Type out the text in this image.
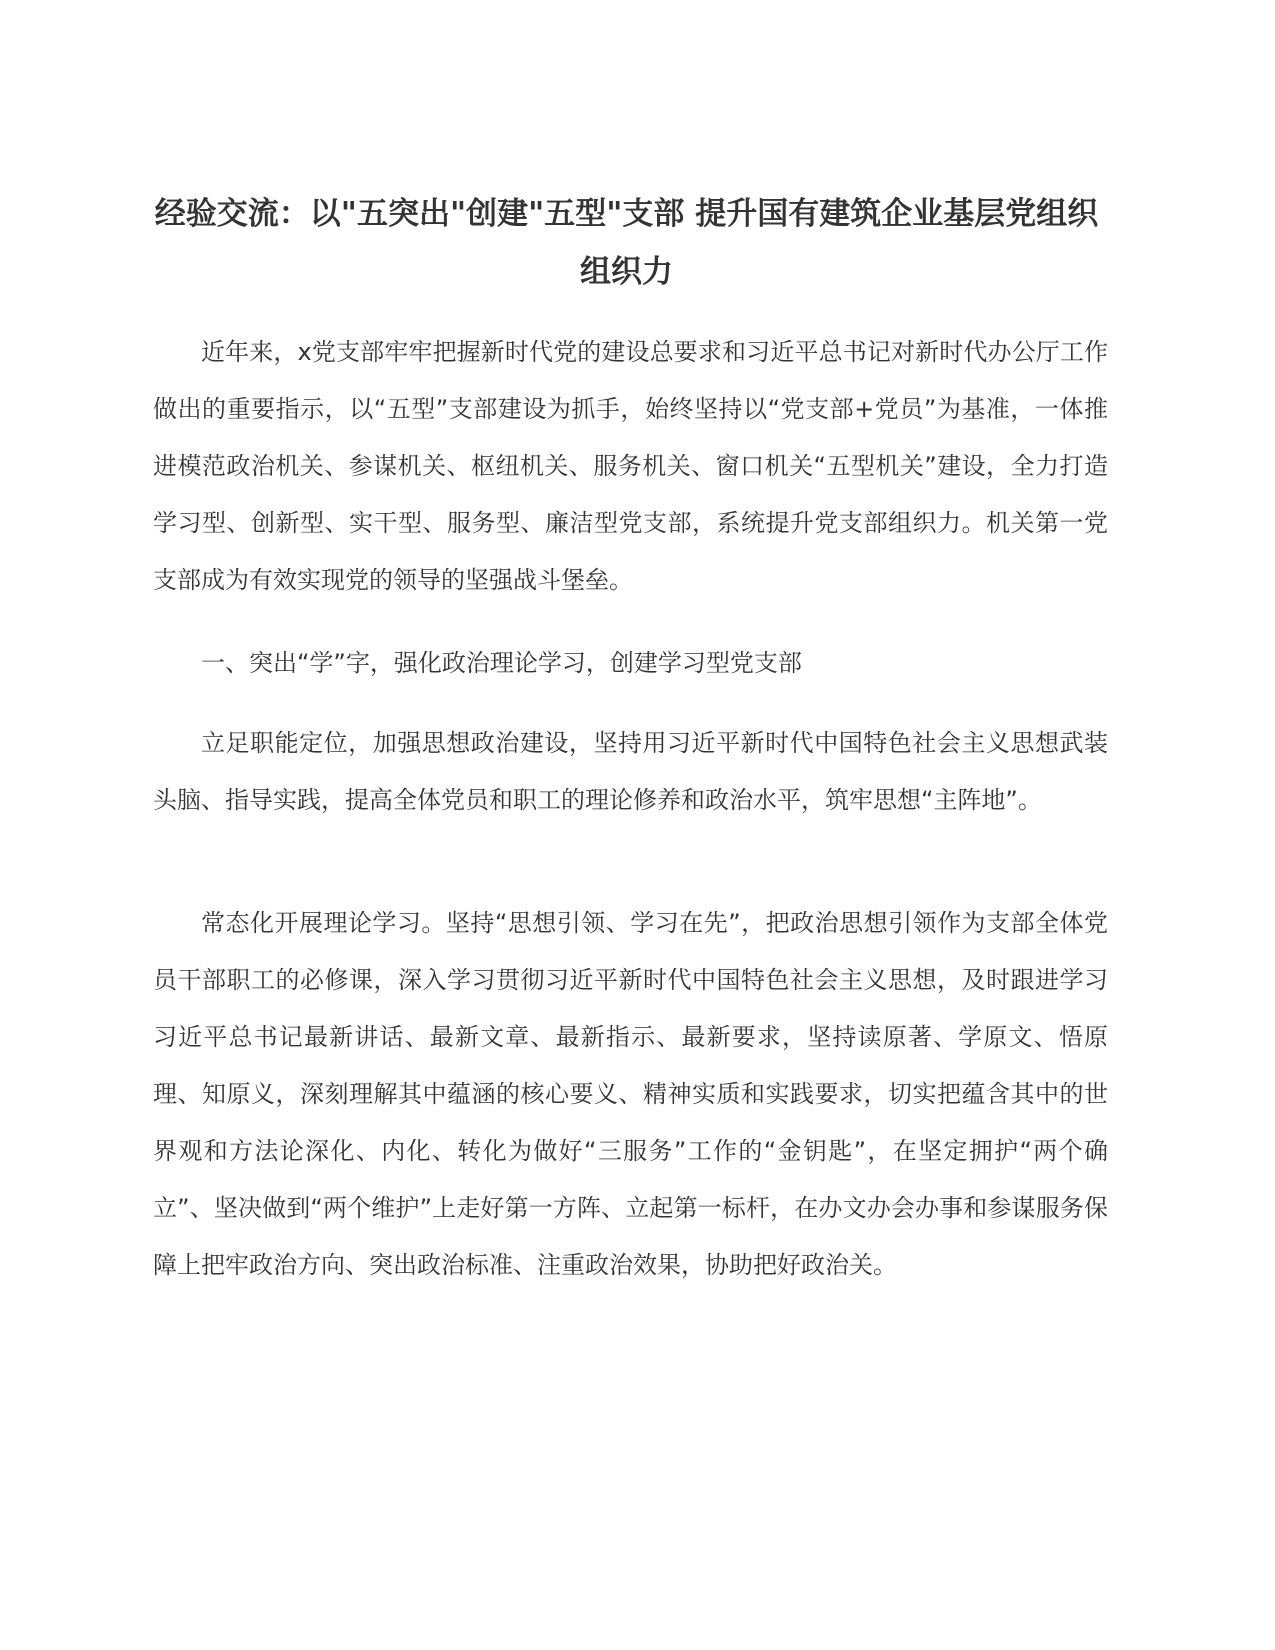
经验交流：以"五突出"创建"五型"支部 提升国有建筑企业基层党组织组织力

近年来，x党支部牢牢把握新时代党的建设总要求和习近平总书记对新时代办公厅工作做出的重要指示，以“五型”支部建设为抓手，始终坚持以“党支部+党员”为基准，一体推进模范政治机关、参谋机关、枢纽机关、服务机关、窗口机关“五型机关”建设，全力打造学习型、创新型、实干型、服务型、廉洁型党支部，系统提升党支部组织力。机关第一党支部成为有效实现党的领导的坚强战斗堡垒。

一、突出“学”字，强化政治理论学习，创建学习型党支部

立足职能定位，加强思想政治建设，坚持用习近平新时代中国特色社会主义思想武装头脑、指导实践，提高全体党员和职工的理论修养和政治水平，筑牢思想“主阵地”。

常态化开展理论学习。坚持“思想引领、学习在先”，把政治思想引领作为支部全体党员干部职工的必修课，深入学习贯彻习近平新时代中国特色社会主义思想，及时跟进学习习近平总书记最新讲话、最新文章、最新指示、最新要求，坚持读原著、学原文、悟原理、知原义，深刻理解其中蕴涵的核心要义、精神实质和实践要求，切实把蕴含其中的世界观和方法论深化、内化、转化为做好“三服务”工作的“金钥匙”，在坚定拥护“两个确立”、坚决做到“两个维护”上走好第一方阵、立起第一标杆，在办文办会办事和参谋服务保障上把牢政治方向、突出政治标准、注重政治效果，协助把好政治关。
